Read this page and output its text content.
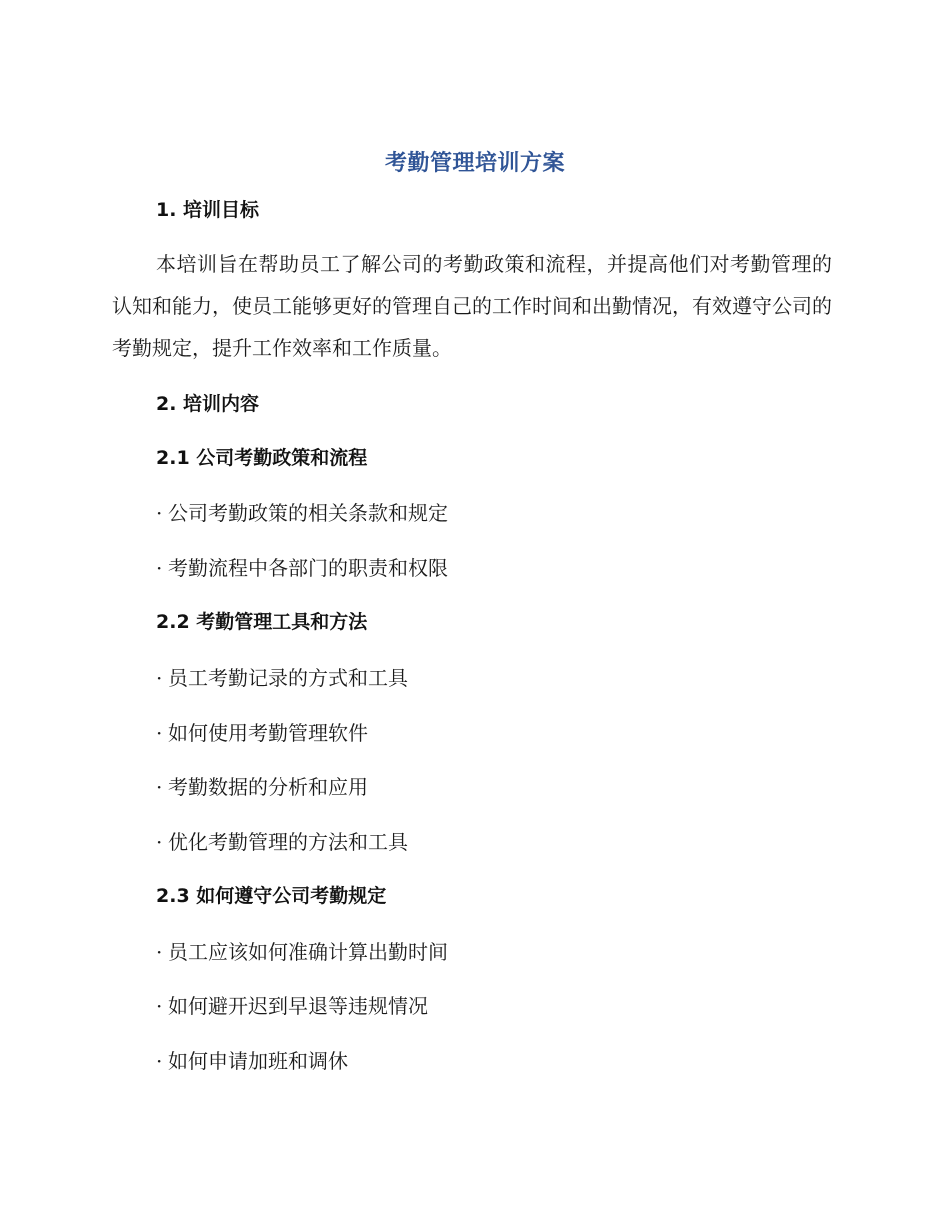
考勤管理培训方案
1. 培训目标
本培训旨在帮助员工了解公司的考勤政策和流程，并提高他们对考勤管理的认知和能力，使员工能够更好的管理自己的工作时间和出勤情况，有效遵守公司的考勤规定，提升工作效率和工作质量。
2. 培训内容
2.1 公司考勤政策和流程
· 公司考勤政策的相关条款和规定
· 考勤流程中各部门的职责和权限
2.2 考勤管理工具和方法
· 员工考勤记录的方式和工具
· 如何使用考勤管理软件
· 考勤数据的分析和应用
· 优化考勤管理的方法和工具
2.3 如何遵守公司考勤规定
· 员工应该如何准确计算出勤时间
· 如何避开迟到早退等违规情况
· 如何申请加班和调休
